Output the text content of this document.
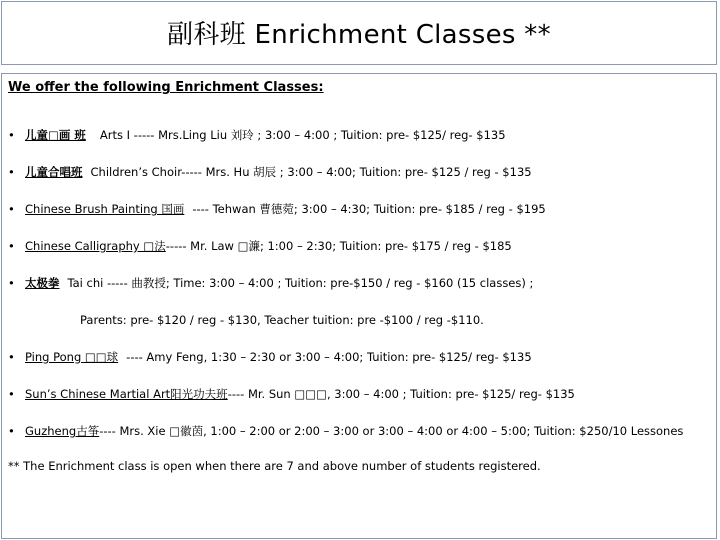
副科班 Enrichment Classes **
We offer the following Enrichment Classes:
• 儿童□画 班 Arts I ----- Mrs.Ling Liu 刘玲 ; 3:00 – 4:00 ; Tuition: pre- $125/ reg- $135
• 儿童合唱班 Children’s Choir----- Mrs. Hu 胡辰 ; 3:00 – 4:00; Tuition: pre- $125 / reg - $135
• Chinese Brush Painting 国画 ---- Tehwan 曹德菀; 3:00 – 4:30; Tuition: pre- $185 / reg - $195
• Chinese Calligraphy □法----- Mr. Law □濂; 1:00 – 2:30; Tuition: pre- $175 / reg - $185
• 太极拳 Tai chi ----- 曲教授; Time: 3:00 – 4:00 ; Tuition: pre-$150 / reg - $160 (15 classes) ;
Parents: pre- $120 / reg - $130, Teacher tuition: pre -$100 / reg -$110.
• Ping Pong □□球 ---- Amy Feng, 1:30 – 2:30 or 3:00 – 4:00; Tuition: pre- $125/ reg- $135
• Sun’s Chinese Martial Art阳光功夫班---- Mr. Sun □□□, 3:00 – 4:00 ; Tuition: pre- $125/ reg- $135
• Guzheng古筝---- Mrs. Xie □徽茵, 1:00 – 2:00 or 2:00 – 3:00 or 3:00 – 4:00 or 4:00 – 5:00; Tuition: $250/10 Lessones
** The Enrichment class is open when there are 7 and above number of students registered.
